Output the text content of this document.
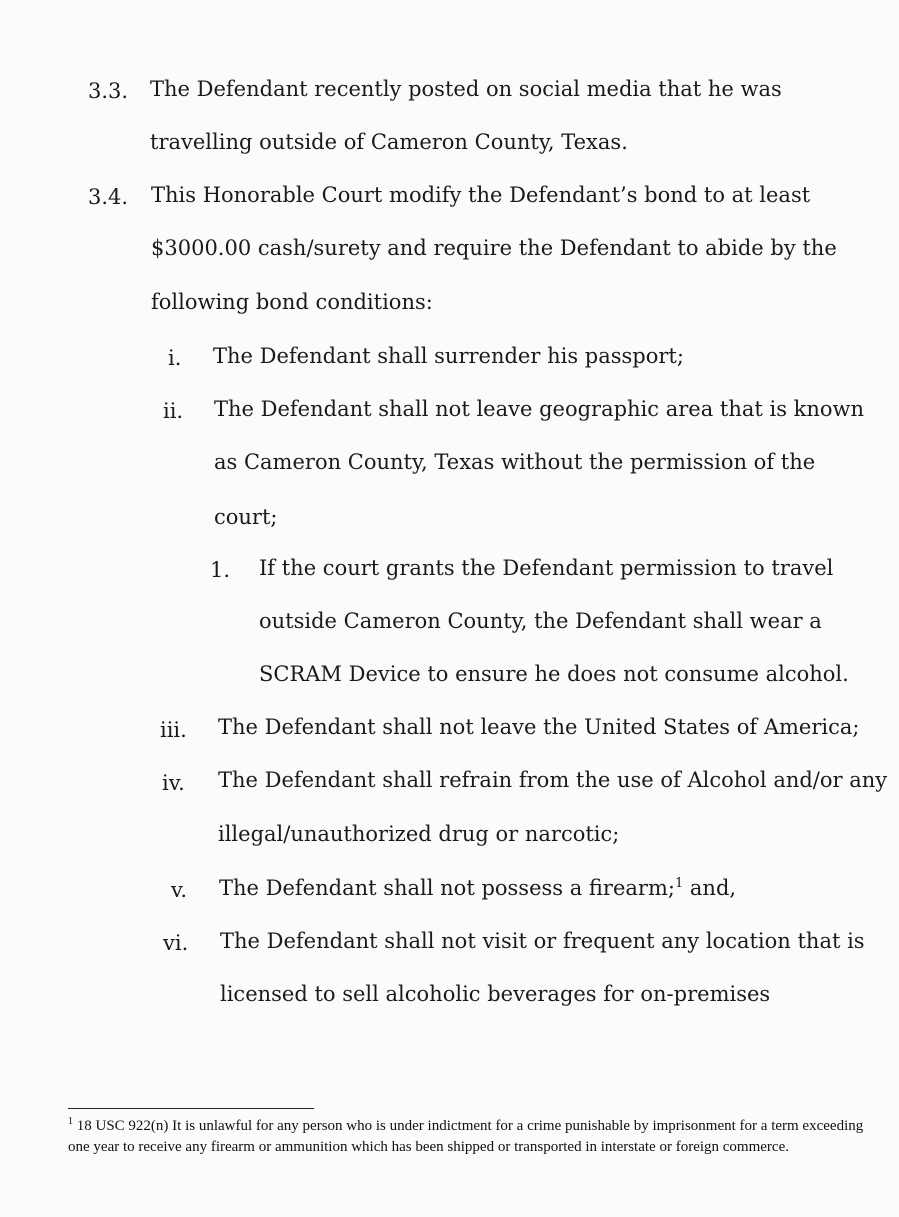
3.3. The Defendant recently posted on social media that he was
travelling outside of Cameron County, Texas.
3.4. This Honorable Court modify the Defendant’s bond to at least
$3000.00 cash/surety and require the Defendant to abide by the
following bond conditions:
i. The Defendant shall surrender his passport;
ii. The Defendant shall not leave geographic area that is known
as Cameron County, Texas without the permission of the
court;
1. If the court grants the Defendant permission to travel
outside Cameron County, the Defendant shall wear a
SCRAM Device to ensure he does not consume alcohol.
iii. The Defendant shall not leave the United States of America;
iv. The Defendant shall refrain from the use of Alcohol and/or any
illegal/unauthorized drug or narcotic;
v. The Defendant shall not possess a firearm;$^1$ and,
vi. The Defendant shall not visit or frequent any location that is
licensed to sell alcoholic beverages for on-premises
$^1$ 18 USC 922(n) It is unlawful for any person who is under indictment for a crime punishable by imprisonment for a term exceeding one year to receive any firearm or ammunition which has been shipped or transported in interstate or foreign commerce.
